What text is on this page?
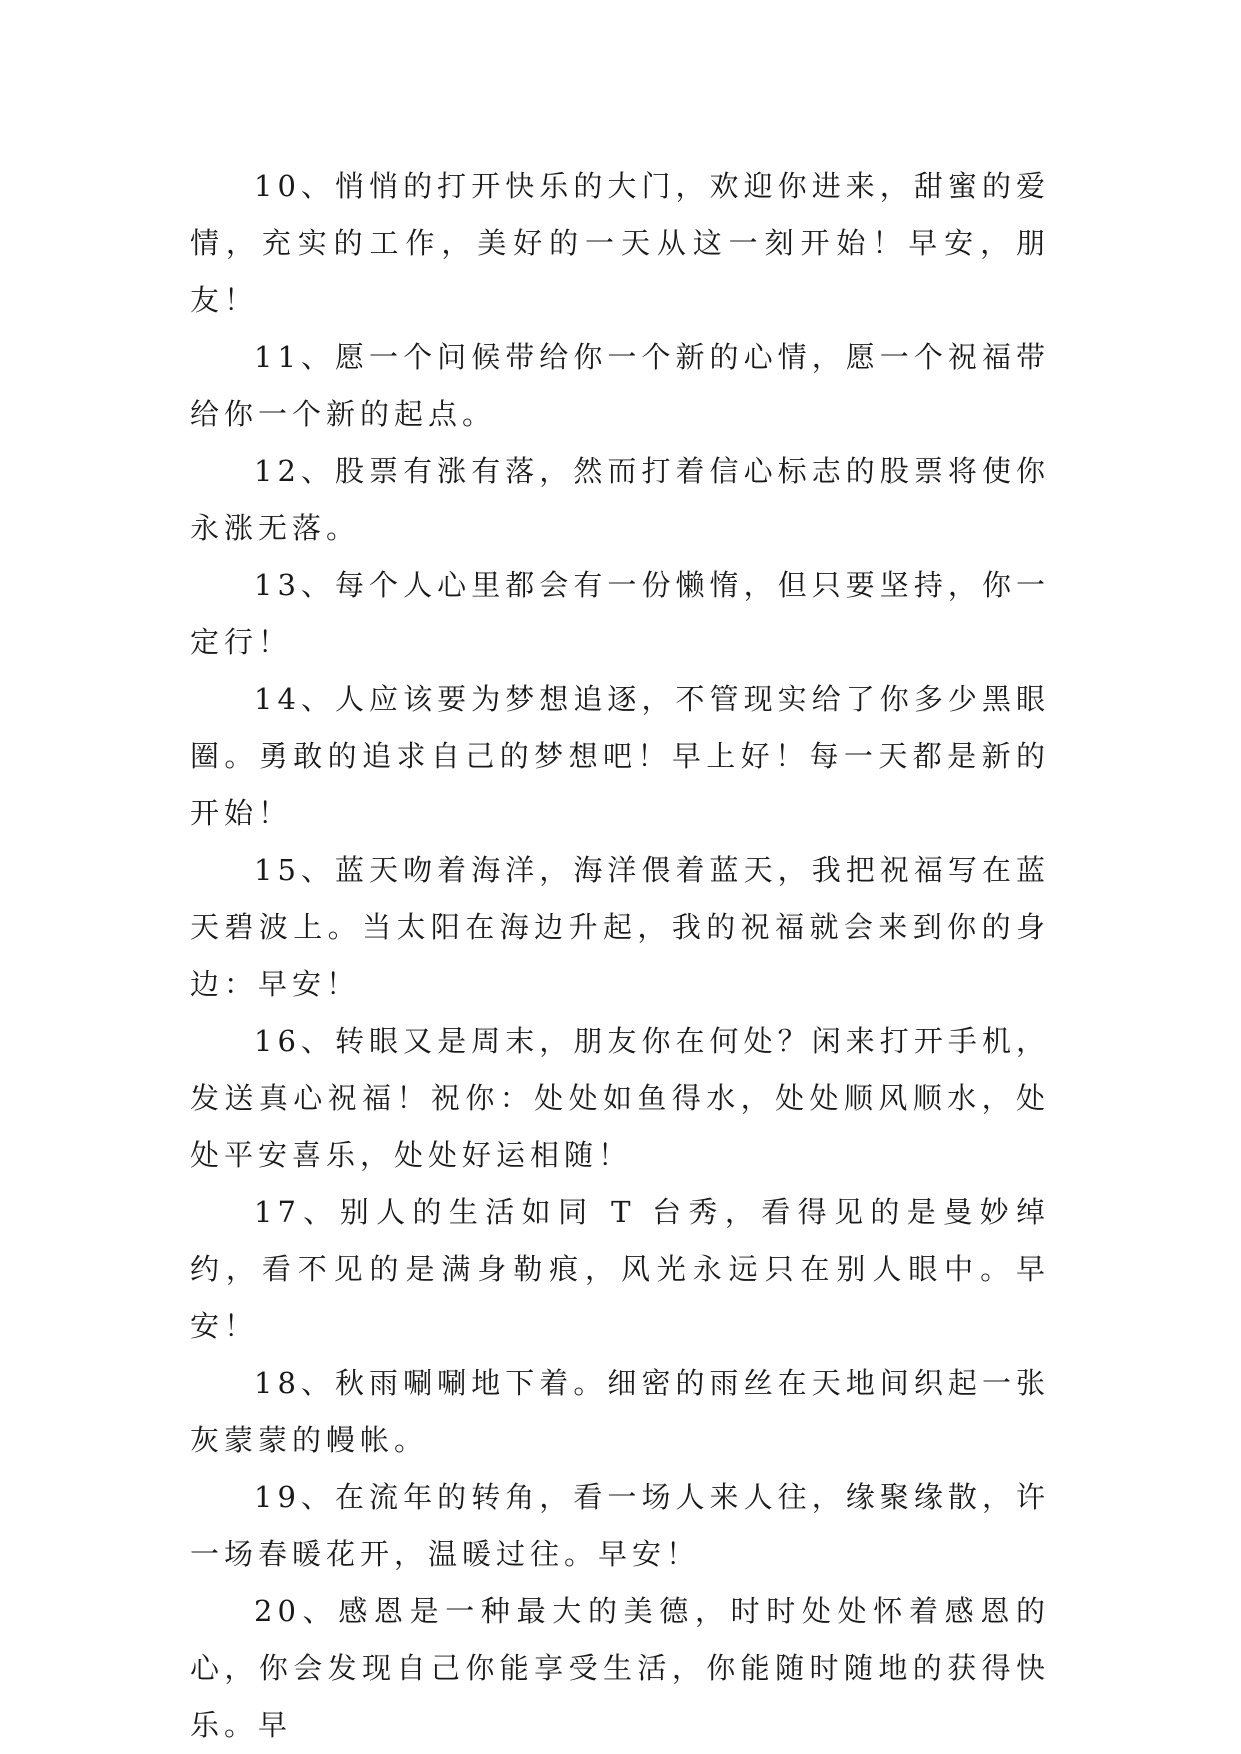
10、悄悄的打开快乐的大门，欢迎你进来，甜蜜的爱情，充实的工作，美好的一天从这一刻开始！早安，朋友！

11、愿一个问候带给你一个新的心情，愿一个祝福带给你一个新的起点。

12、股票有涨有落，然而打着信心标志的股票将使你永涨无落。

13、每个人心里都会有一份懒惰，但只要坚持，你一定行！

14、人应该要为梦想追逐，不管现实给了你多少黑眼圈。勇敢的追求自己的梦想吧！早上好！每一天都是新的开始！

15、蓝天吻着海洋，海洋偎着蓝天，我把祝福写在蓝天碧波上。当太阳在海边升起，我的祝福就会来到你的身边：早安！

16、转眼又是周末，朋友你在何处？闲来打开手机，发送真心祝福！祝你：处处如鱼得水，处处顺风顺水，处处平安喜乐，处处好运相随！

17、别人的生活如同 T 台秀，看得见的是曼妙绰约，看不见的是满身勒痕，风光永远只在别人眼中。早安！

18、秋雨唰唰地下着。细密的雨丝在天地间织起一张灰蒙蒙的幔帐。

19、在流年的转角，看一场人来人往，缘聚缘散，许一场春暖花开，温暖过往。早安！

20、感恩是一种最大的美德，时时处处怀着感恩的心，你会发现自己你能享受生活，你能随时随地的获得快乐。早
